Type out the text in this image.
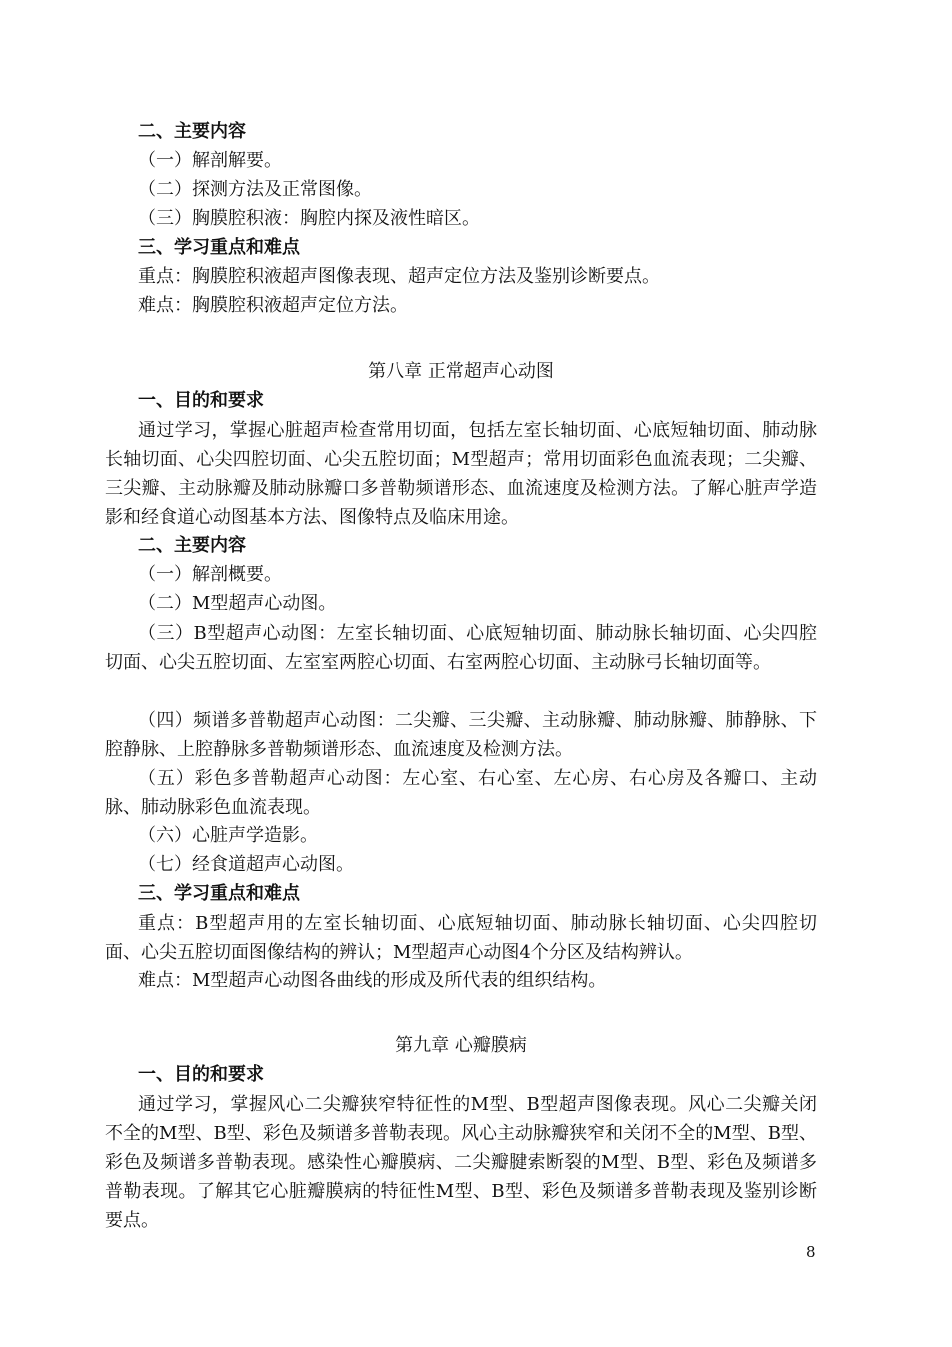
二、主要内容
（一）解剖解要。
（二）探测方法及正常图像。
（三）胸膜腔积液：胸腔内探及液性暗区。
三、学习重点和难点
重点：胸膜腔积液超声图像表现、超声定位方法及鉴别诊断要点。
难点：胸膜腔积液超声定位方法。
第八章 正常超声心动图
一、目的和要求
通过学习，掌握心脏超声检查常用切面，包括左室长轴切面、心底短轴切面、肺动脉长轴切面、心尖四腔切面、心尖五腔切面；M型超声；常用切面彩色血流表现；二尖瓣、三尖瓣、主动脉瓣及肺动脉瓣口多普勒频谱形态、血流速度及检测方法。了解心脏声学造影和经食道心动图基本方法、图像特点及临床用途。
二、主要内容
（一）解剖概要。
（二）M型超声心动图。
（三）B型超声心动图：左室长轴切面、心底短轴切面、肺动脉长轴切面、心尖四腔切面、心尖五腔切面、左室室两腔心切面、右室两腔心切面、主动脉弓长轴切面等。
（四）频谱多普勒超声心动图：二尖瓣、三尖瓣、主动脉瓣、肺动脉瓣、肺静脉、下腔静脉、上腔静脉多普勒频谱形态、血流速度及检测方法。
（五）彩色多普勒超声心动图：左心室、右心室、左心房、右心房及各瓣口、主动脉、肺动脉彩色血流表现。
（六）心脏声学造影。
（七）经食道超声心动图。
三、学习重点和难点
重点：B型超声用的左室长轴切面、心底短轴切面、肺动脉长轴切面、心尖四腔切面、心尖五腔切面图像结构的辨认；M型超声心动图4个分区及结构辨认。
难点：M型超声心动图各曲线的形成及所代表的组织结构。
第九章 心瓣膜病
一、目的和要求
通过学习，掌握风心二尖瓣狭窄特征性的M型、B型超声图像表现。风心二尖瓣关闭不全的M型、B型、彩色及频谱多普勒表现。风心主动脉瓣狭窄和关闭不全的M型、B型、彩色及频谱多普勒表现。感染性心瓣膜病、二尖瓣腱索断裂的M型、B型、彩色及频谱多普勒表现。了解其它心脏瓣膜病的特征性M型、B型、彩色及频谱多普勒表现及鉴别诊断要点。
8
